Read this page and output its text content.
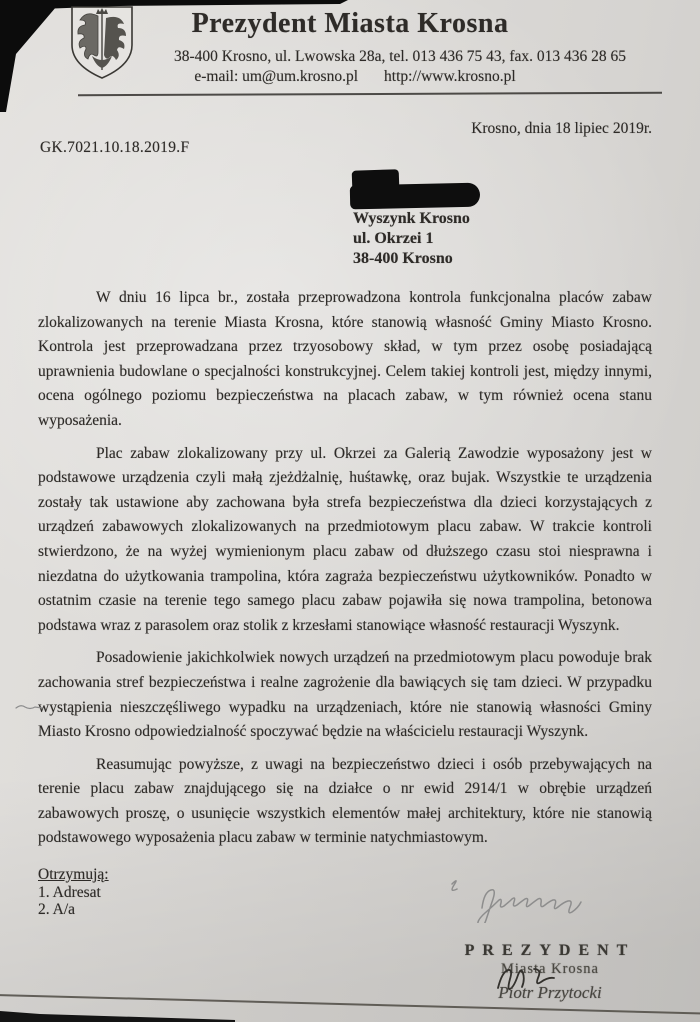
Prezydent Miasta Krosna
38-400 Krosno, ul. Lwowska 28a, tel. 013 436 75 43, fax. 013 436 28 65
e-mail: um@um.krosno.pl http://www.krosno.pl
Krosno, dnia 18 lipiec 2019r.
GK.7021.10.18.2019.F
Wyszynk Krosno
ul. Okrzei 1
38-400 Krosno

W dniu 16 lipca br., została przeprowadzona kontrola funkcjonalna placów zabaw zlokalizowanych na terenie Miasta Krosna, które stanowią własność Gminy Miasto Krosno. Kontrola jest przeprowadzana przez trzyosobowy skład, w tym przez osobę posiadającą uprawnienia budowlane o specjalności konstrukcyjnej. Celem takiej kontroli jest, między innymi, ocena ogólnego poziomu bezpieczeństwa na placach zabaw, w tym również ocena stanu wyposażenia.

Plac zabaw zlokalizowany przy ul. Okrzei za Galerią Zawodzie wyposażony jest w podstawowe urządzenia czyli małą zjeżdżalnię, huśtawkę, oraz bujak. Wszystkie te urządzenia zostały tak ustawione aby zachowana była strefa bezpieczeństwa dla dzieci korzystających z urządzeń zabawowych zlokalizowanych na przedmiotowym placu zabaw. W trakcie kontroli stwierdzono, że na wyżej wymienionym placu zabaw od dłuższego czasu stoi niesprawna i niezdatna do użytkowania trampolina, która zagraża bezpieczeństwu użytkowników. Ponadto w ostatnim czasie na terenie tego samego placu zabaw pojawiła się nowa trampolina, betonowa podstawa wraz z parasolem oraz stolik z krzesłami stanowiące własność restauracji Wyszynk.

Posadowienie jakichkolwiek nowych urządzeń na przedmiotowym placu powoduje brak zachowania stref bezpieczeństwa i realne zagrożenie dla bawiących się tam dzieci. W przypadku wystąpienia nieszczęśliwego wypadku na urządzeniach, które nie stanowią własności Gminy Miasto Krosno odpowiedzialność spoczywać będzie na właścicielu restauracji Wyszynk.

Reasumując powyższe, z uwagi na bezpieczeństwo dzieci i osób przebywających na terenie placu zabaw znajdującego się na działce o nr ewid 2914/1 w obrębie urządzeń zabawowych proszę, o usunięcie wszystkich elementów małej architektury, które nie stanowią podstawowego wyposażenia placu zabaw w terminie natychmiastowym.

Otrzymują:
1. Adresat
2. A/a
PREZYDENT
Miasta Krosna
Piotr Przytocki
